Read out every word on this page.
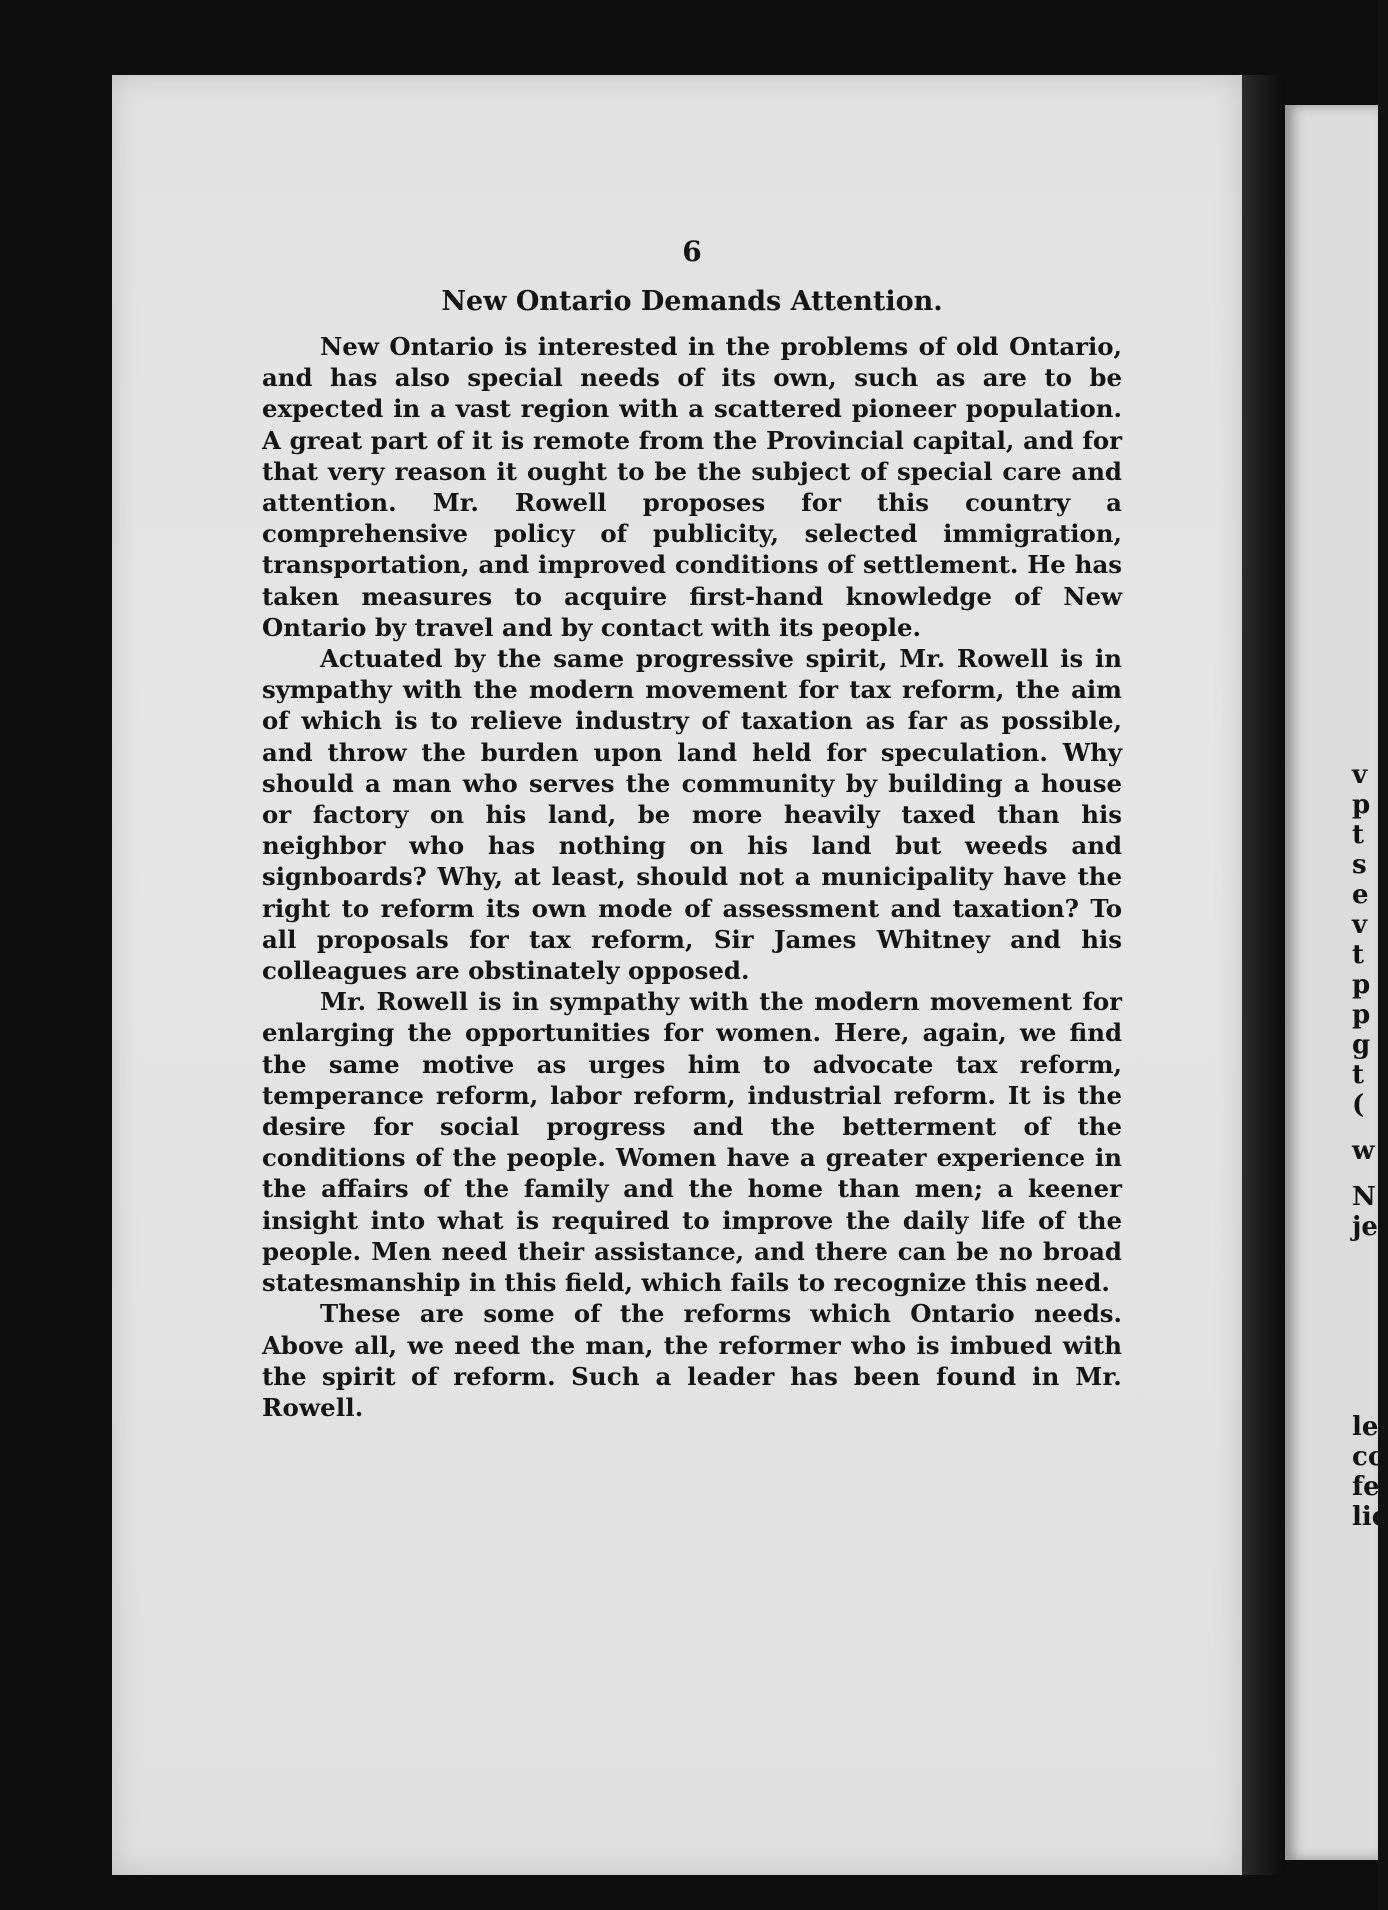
v
p
t
s
e
v
t
p
p
g
t
(
w
N
je
le
co
fe
lic
6
New Ontario Demands Attention.

New Ontario is interested in the problems of old Ontario, and has also special needs of its own, such as are to be expected in a vast region with a scattered pioneer population. A great part of it is remote from the Provincial capital, and for that very reason it ought to be the subject of special care and attention. Mr. Rowell proposes for this country a comprehensive policy of publicity, selected immigration, transportation, and improved conditions of settlement. He has taken measures to acquire first-hand knowledge of New Ontario by travel and by contact with its people.

Actuated by the same progressive spirit, Mr. Rowell is in sympathy with the modern movement for tax reform, the aim of which is to relieve industry of taxation as far as possible, and throw the burden upon land held for speculation. Why should a man who serves the community by building a house or factory on his land, be more heavily taxed than his neighbor who has nothing on his land but weeds and signboards? Why, at least, should not a municipality have the right to reform its own mode of assessment and taxation? To all proposals for tax reform, Sir James Whitney and his colleagues are obstinately opposed.

Mr. Rowell is in sympathy with the modern movement for enlarging the opportunities for women. Here, again, we find the same motive as urges him to advocate tax reform, temperance reform, labor reform, industrial reform. It is the desire for social progress and the betterment of the conditions of the people. Women have a greater experience in the affairs of the family and the home than men; a keener insight into what is required to improve the daily life of the people. Men need their assistance, and there can be no broad statesmanship in this field, which fails to recognize this need.

These are some of the reforms which Ontario needs. Above all, we need the man, the reformer who is imbued with the spirit of reform. Such a leader has been found in Mr. Rowell.
